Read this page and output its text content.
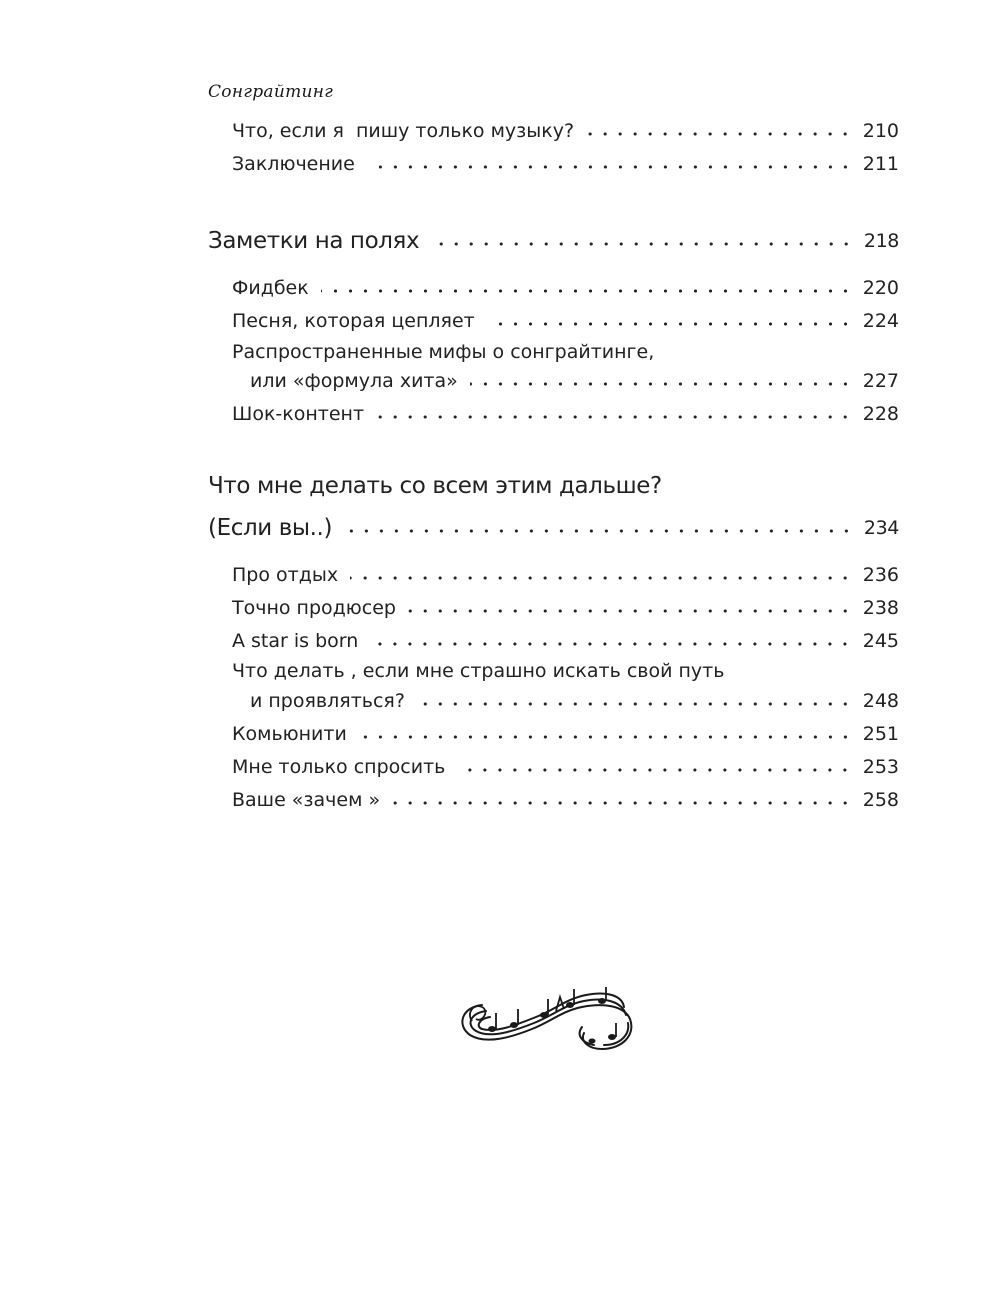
Сонграйтинг
Что, если я  пишу только музыку?	210
Заключение	211
Заметки на полях	218
Фидбек	220
Песня, которая цепляет	224
Распространенные мифы о сонграйтинге,
или «формула хита»	227
Шок-контент	228
Что мне делать со всем этим дальше?
(Если вы..)	234
Про отдых	236
Точно продюсер	238
A star is born	245
Что делать , если мне страшно искать свой путь
и проявляться?	248
Комьюнити	251
Мне только спросить	253
Ваше «зачем »	258
